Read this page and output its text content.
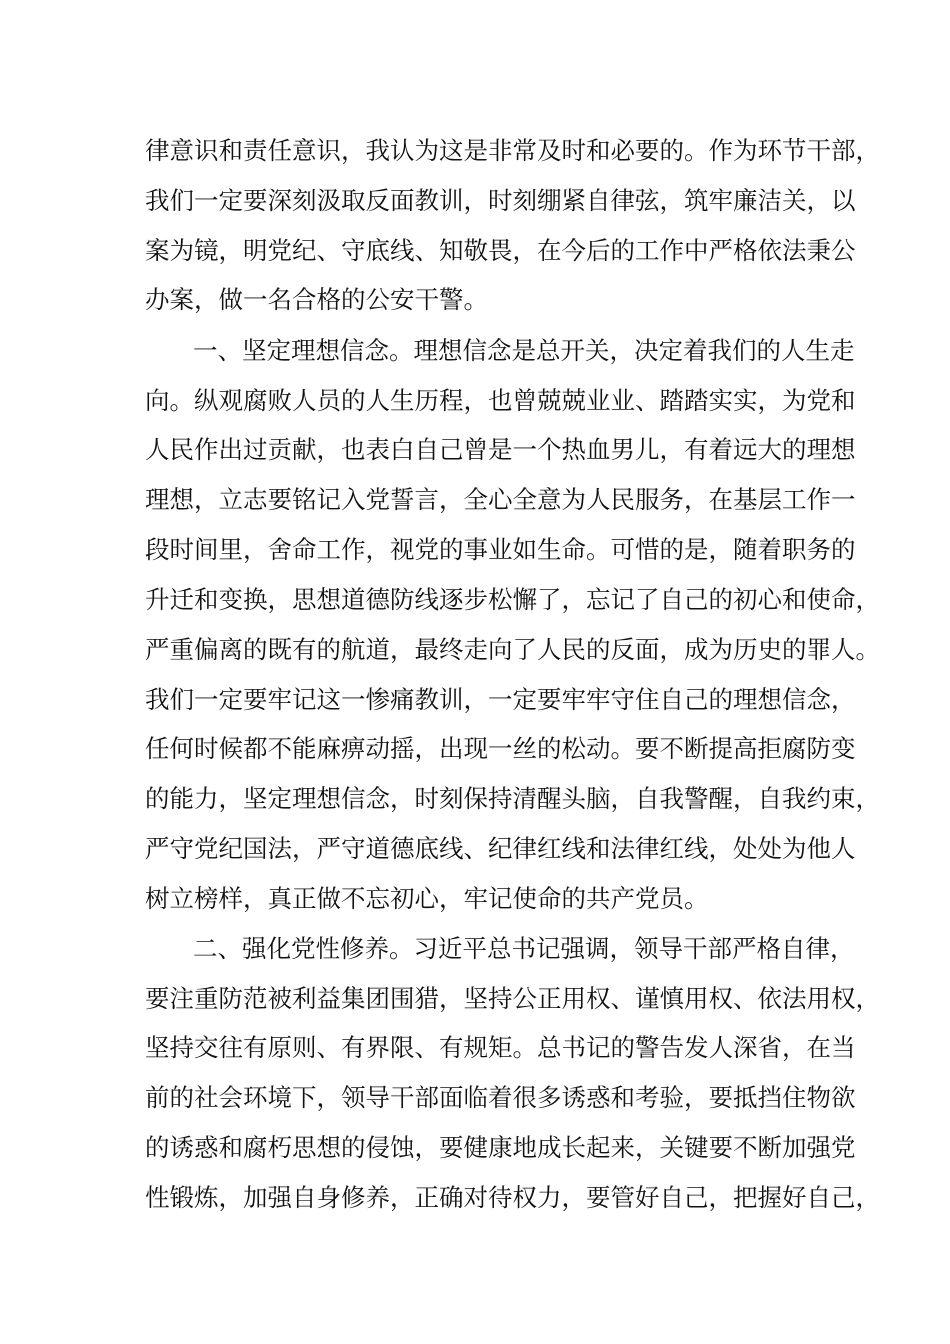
律意识和责任意识，我认为这是非常及时和必要的。作为环节干部，
我们一定要深刻汲取反面教训，时刻绷紧自律弦，筑牢廉洁关，以
案为镜，明党纪、守底线、知敬畏，在今后的工作中严格依法秉公
办案，做一名合格的公安干警。
一、坚定理想信念。理想信念是总开关，决定着我们的人生走
向。纵观腐败人员的人生历程，也曾兢兢业业、踏踏实实，为党和
人民作出过贡献，也表白自己曾是一个热血男儿，有着远大的理想
理想，立志要铭记入党誓言，全心全意为人民服务，在基层工作一
段时间里，舍命工作，视党的事业如生命。可惜的是，随着职务的
升迁和变换，思想道德防线逐步松懈了，忘记了自己的初心和使命，
严重偏离的既有的航道，最终走向了人民的反面，成为历史的罪人。
我们一定要牢记这一惨痛教训，一定要牢牢守住自己的理想信念，
任何时候都不能麻痹动摇，出现一丝的松动。要不断提高拒腐防变
的能力，坚定理想信念，时刻保持清醒头脑，自我警醒，自我约束，
严守党纪国法，严守道德底线、纪律红线和法律红线，处处为他人
树立榜样，真正做不忘初心，牢记使命的共产党员。
二、强化党性修养。习近平总书记强调，领导干部严格自律，
要注重防范被利益集团围猎，坚持公正用权、谨慎用权、依法用权，
坚持交往有原则、有界限、有规矩。总书记的警告发人深省，在当
前的社会环境下，领导干部面临着很多诱惑和考验，要抵挡住物欲
的诱惑和腐朽思想的侵蚀，要健康地成长起来，关键要不断加强党
性锻炼，加强自身修养，正确对待权力，要管好自己，把握好自己，
